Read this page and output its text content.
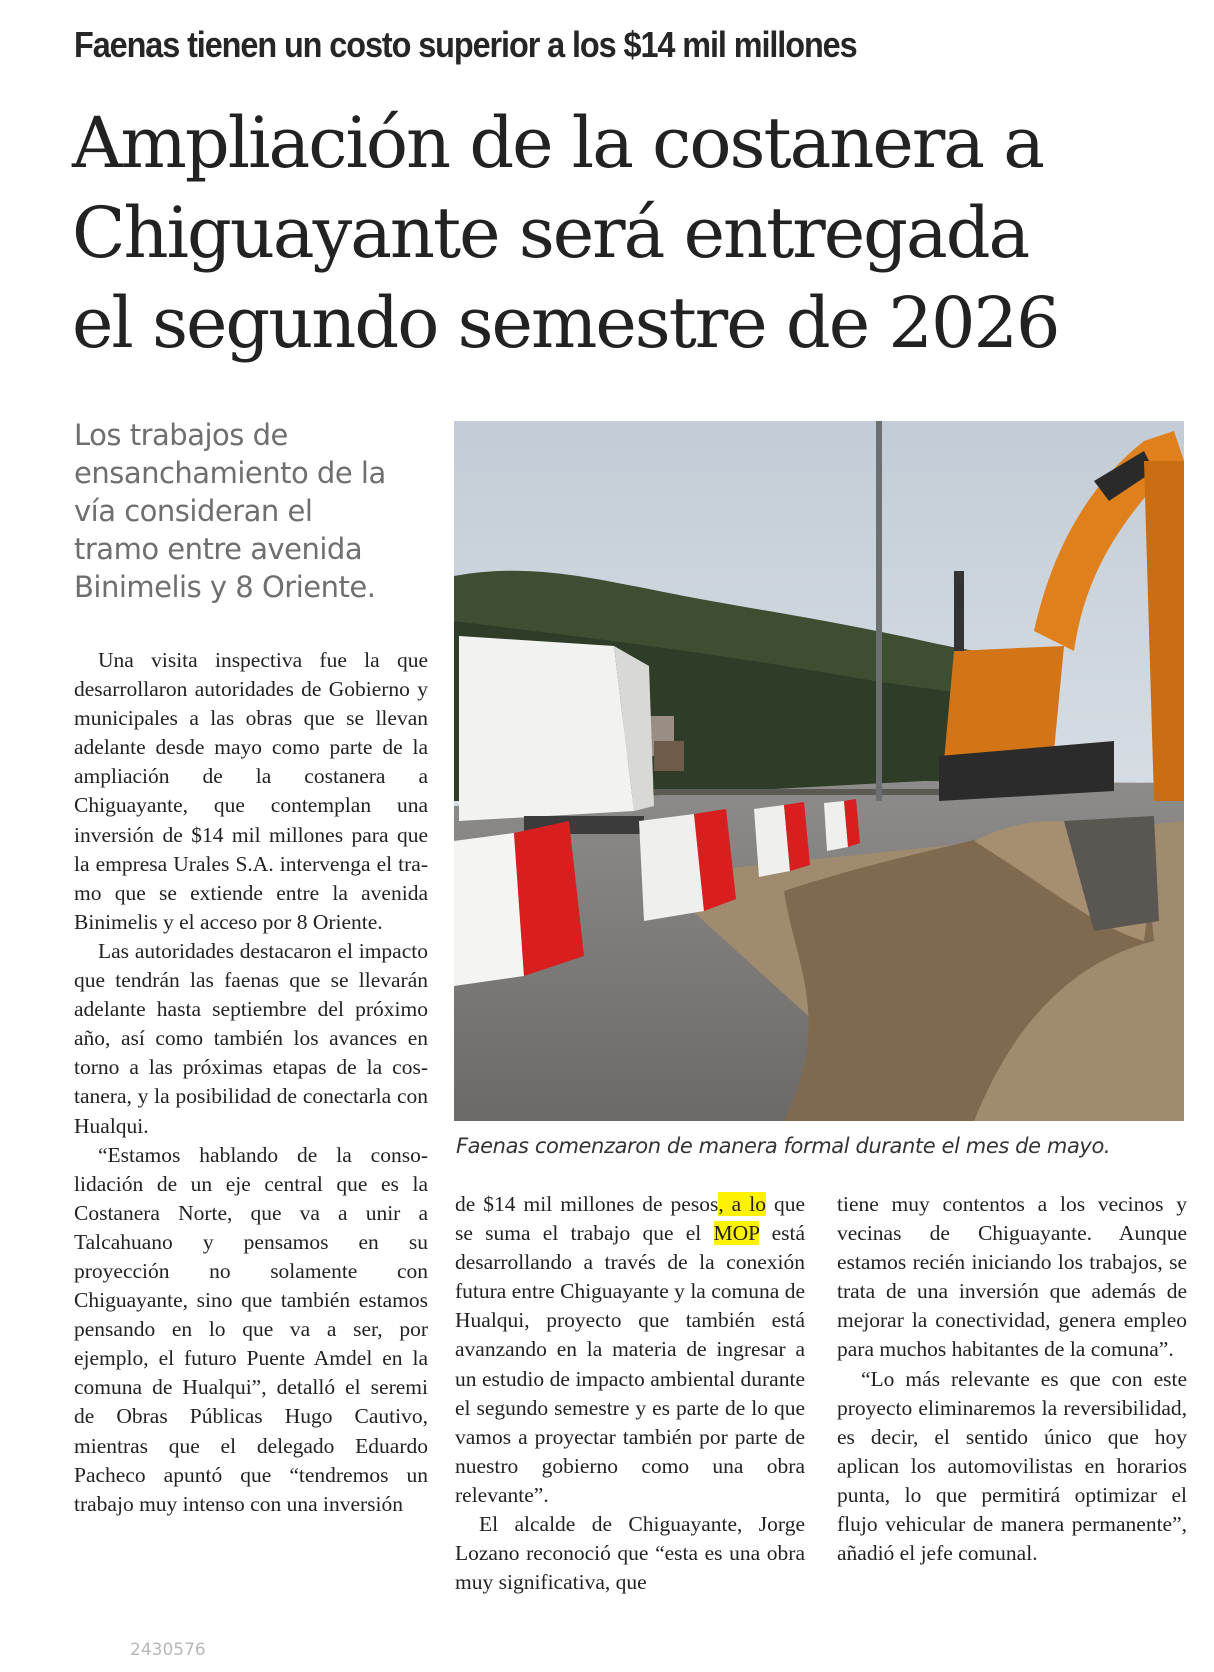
Faenas tienen un costo superior a los $14 mil millones
Ampliación de la costanera a
Chiguayante será entregada
el segundo semestre de 2026
Los trabajos de
ensanchamiento de la
vía consideran el
tramo entre avenida
Binimelis y 8 Oriente.

Una visita inspectiva fue la que desarrollaron autoridades de Gobierno y municipales a las obras que se llevan adelante desde mayo como parte de la ampliación de la costanera a Chiguayante, que contemplan una inversión de $14 mil millones para que la empresa Urales S.A. intervenga el tramo que se extiende entre la avenida Binimelis y el acceso por 8 Oriente.

Las autoridades destacaron el impacto que tendrán las faenas que se llevarán adelante hasta septiembre del próximo año, así como también los avances en torno a las próximas etapas de la costanera, y la posibilidad de conectarla con Hualqui.

“Estamos hablando de la consolidación de un eje central que es la Costanera Norte, que va a unir a Talcahuano y pensamos en su proyección no solamente con Chiguayante, sino que también estamos pensando en lo que va a ser, por ejemplo, el futuro Puente Amdel en la comuna de Hualqui”, detalló el seremi de Obras Públicas Hugo Cautivo, mientras que el delegado Eduardo Pacheco apuntó que “tendremos un trabajo muy intenso con una inversión

Faenas comenzaron de manera formal durante el mes de mayo.

de $14 mil millones de pesos, a lo que se suma el trabajo que el MOP está desarrollando a través de la conexión futura entre Chiguayante y la comuna de Hualqui, proyecto que también está avanzando en la materia de ingresar a un estudio de impacto ambiental durante el segundo semestre y es parte de lo que vamos a proyectar también por parte de nuestro gobierno como una obra relevante”.

El alcalde de Chiguayante, Jorge Lozano reconoció que “esta es una obra muy significativa, que

tiene muy contentos a los vecinos y vecinas de Chiguayante. Aunque estamos recién iniciando los trabajos, se trata de una inversión que además de mejorar la conectividad, genera empleo para muchos habitantes de la comuna”.

“Lo más relevante es que con este proyecto eliminaremos la reversibilidad, es decir, el sentido único que hoy aplican los automovilistas en horarios punta, lo que permitirá optimizar el flujo vehicular de manera permanente”, añadió el jefe comunal.

2430576
